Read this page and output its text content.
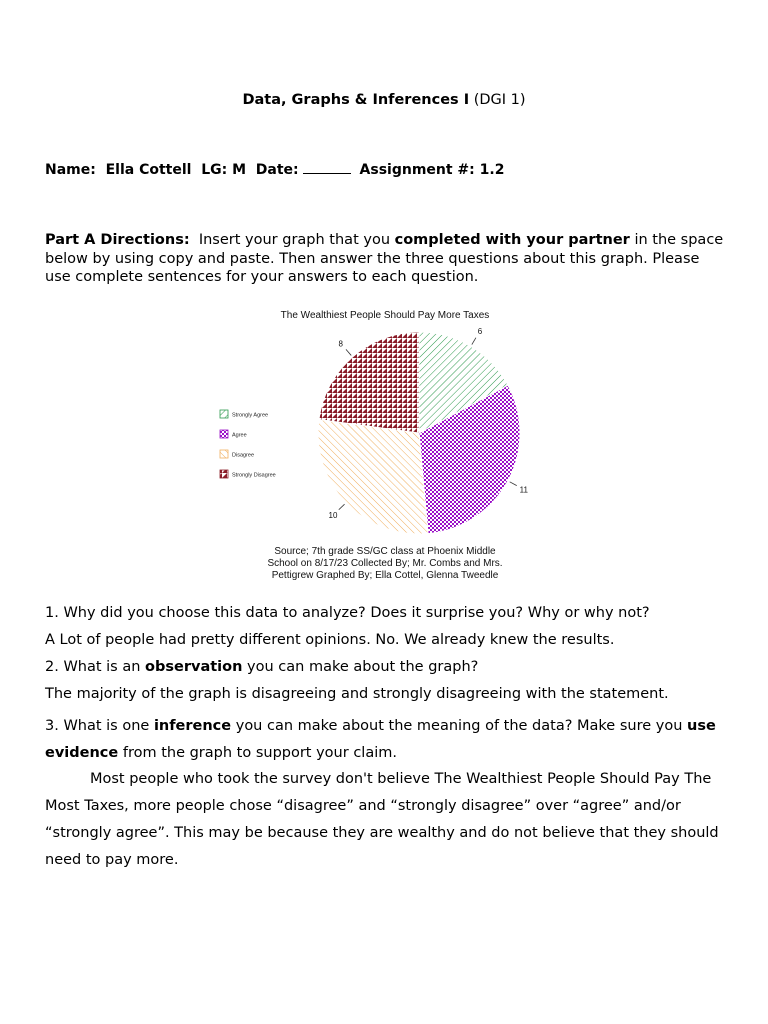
Data, Graphs & Inferences I (DGI 1)
Name: Ella Cottell LG: M Date:	Assignment #: 1.2
Part A Directions: Insert your graph that you completed with your partner in the space below by using copy and paste. Then answer the three questions about this graph. Please use complete sentences for your answers to each question.
The Wealthiest People Should Pay More Taxes
6
11
10
8
Strongly Agree
Agree
Disagree
Strongly Disagree
Source; 7th grade SS/GC class at Phoenix Middle
School on 8/17/23 Collected By; Mr. Combs and Mrs.
Pettigrew Graphed By; Ella Cottel, Glenna Tweedle
1. Why did you choose this data to analyze? Does it surprise you? Why or why not?
A Lot of people had pretty different opinions. No. We already knew the results.
2. What is an observation you can make about the graph?
The majority of the graph is disagreeing and strongly disagreeing with the statement.
3. What is one inference you can make about the meaning of the data? Make sure you use evidence from the graph to support your claim.
Most people who took the survey don't believe The Wealthiest People Should Pay The Most Taxes, more people chose “disagree” and “strongly disagree” over “agree” and/or “strongly agree”. This may be because they are wealthy and do not believe that they should need to pay more.
